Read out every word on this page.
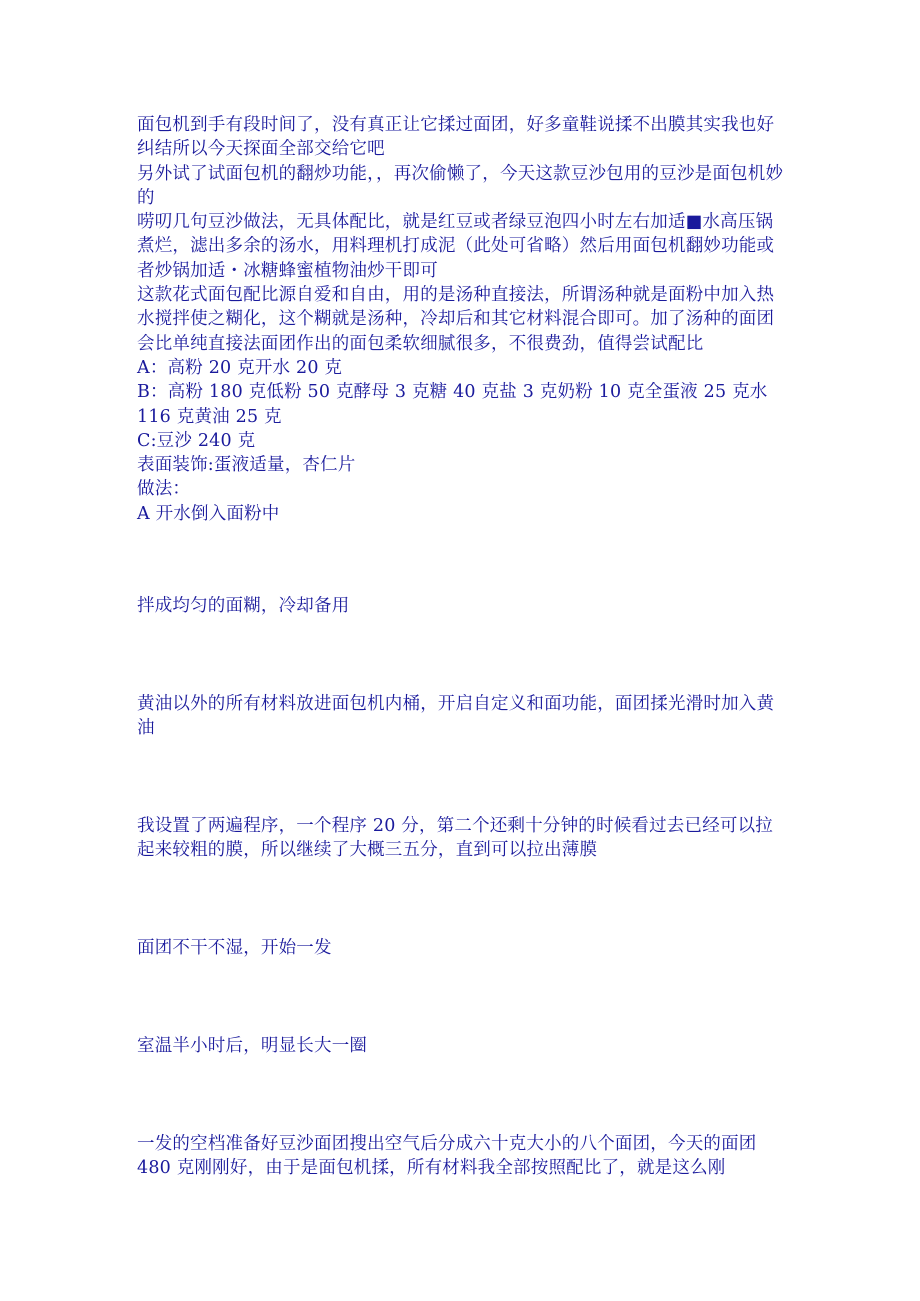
面包机到手有段时间了，没有真正让它揉过面团，好多童鞋说揉不出膜其实我也好纠结所以今天探面全部交给它吧

另外试了试面包机的翻炒功能，，再次偷懒了，今天这款豆沙包用的豆沙是面包机妙的

唠叨几句豆沙做法，无具体配比，就是红豆或者绿豆泡四小时左右加适■水高压锅煮烂，滤出多余的汤水，用料理机打成泥（此处可省略）然后用面包机翻妙功能或者炒锅加适・冰糖蜂蜜植物油炒干即可

这款花式面包配比源自爱和自由，用的是汤种直接法，所谓汤种就是面粉中加入热水搅拌使之糊化，这个糊就是汤种，冷却后和其它材料混合即可。加了汤种的面团会比单纯直接法面团作出的面包柔软细腻很多，不很费劲，值得尝试配比

A：高粉 20 克开水 20 克

B：高粉 180 克低粉 50 克酵母 3 克糖 40 克盐 3 克奶粉 10 克全蛋液 25 克水 116 克黄油 25 克

C:豆沙 240 克

表面装饰:蛋液适量，杏仁片

做法：

A 开水倒入面粉中

拌成均匀的面糊，冷却备用

黄油以外的所有材料放进面包机内桶，开启自定义和面功能，面团揉光滑时加入黄油

我设置了两遍程序，一个程序 20 分，第二个还剩十分钟的时候看过去已经可以拉起来较粗的膜，所以继续了大概三五分，直到可以拉出薄膜

面团不干不湿，开始一发

室温半小时后，明显长大一圈

一发的空档准备好豆沙面团搜出空气后分成六十克大小的八个面团，今天的面团 480 克刚刚好，由于是面包机揉，所有材料我全部按照配比了，就是这么刚
